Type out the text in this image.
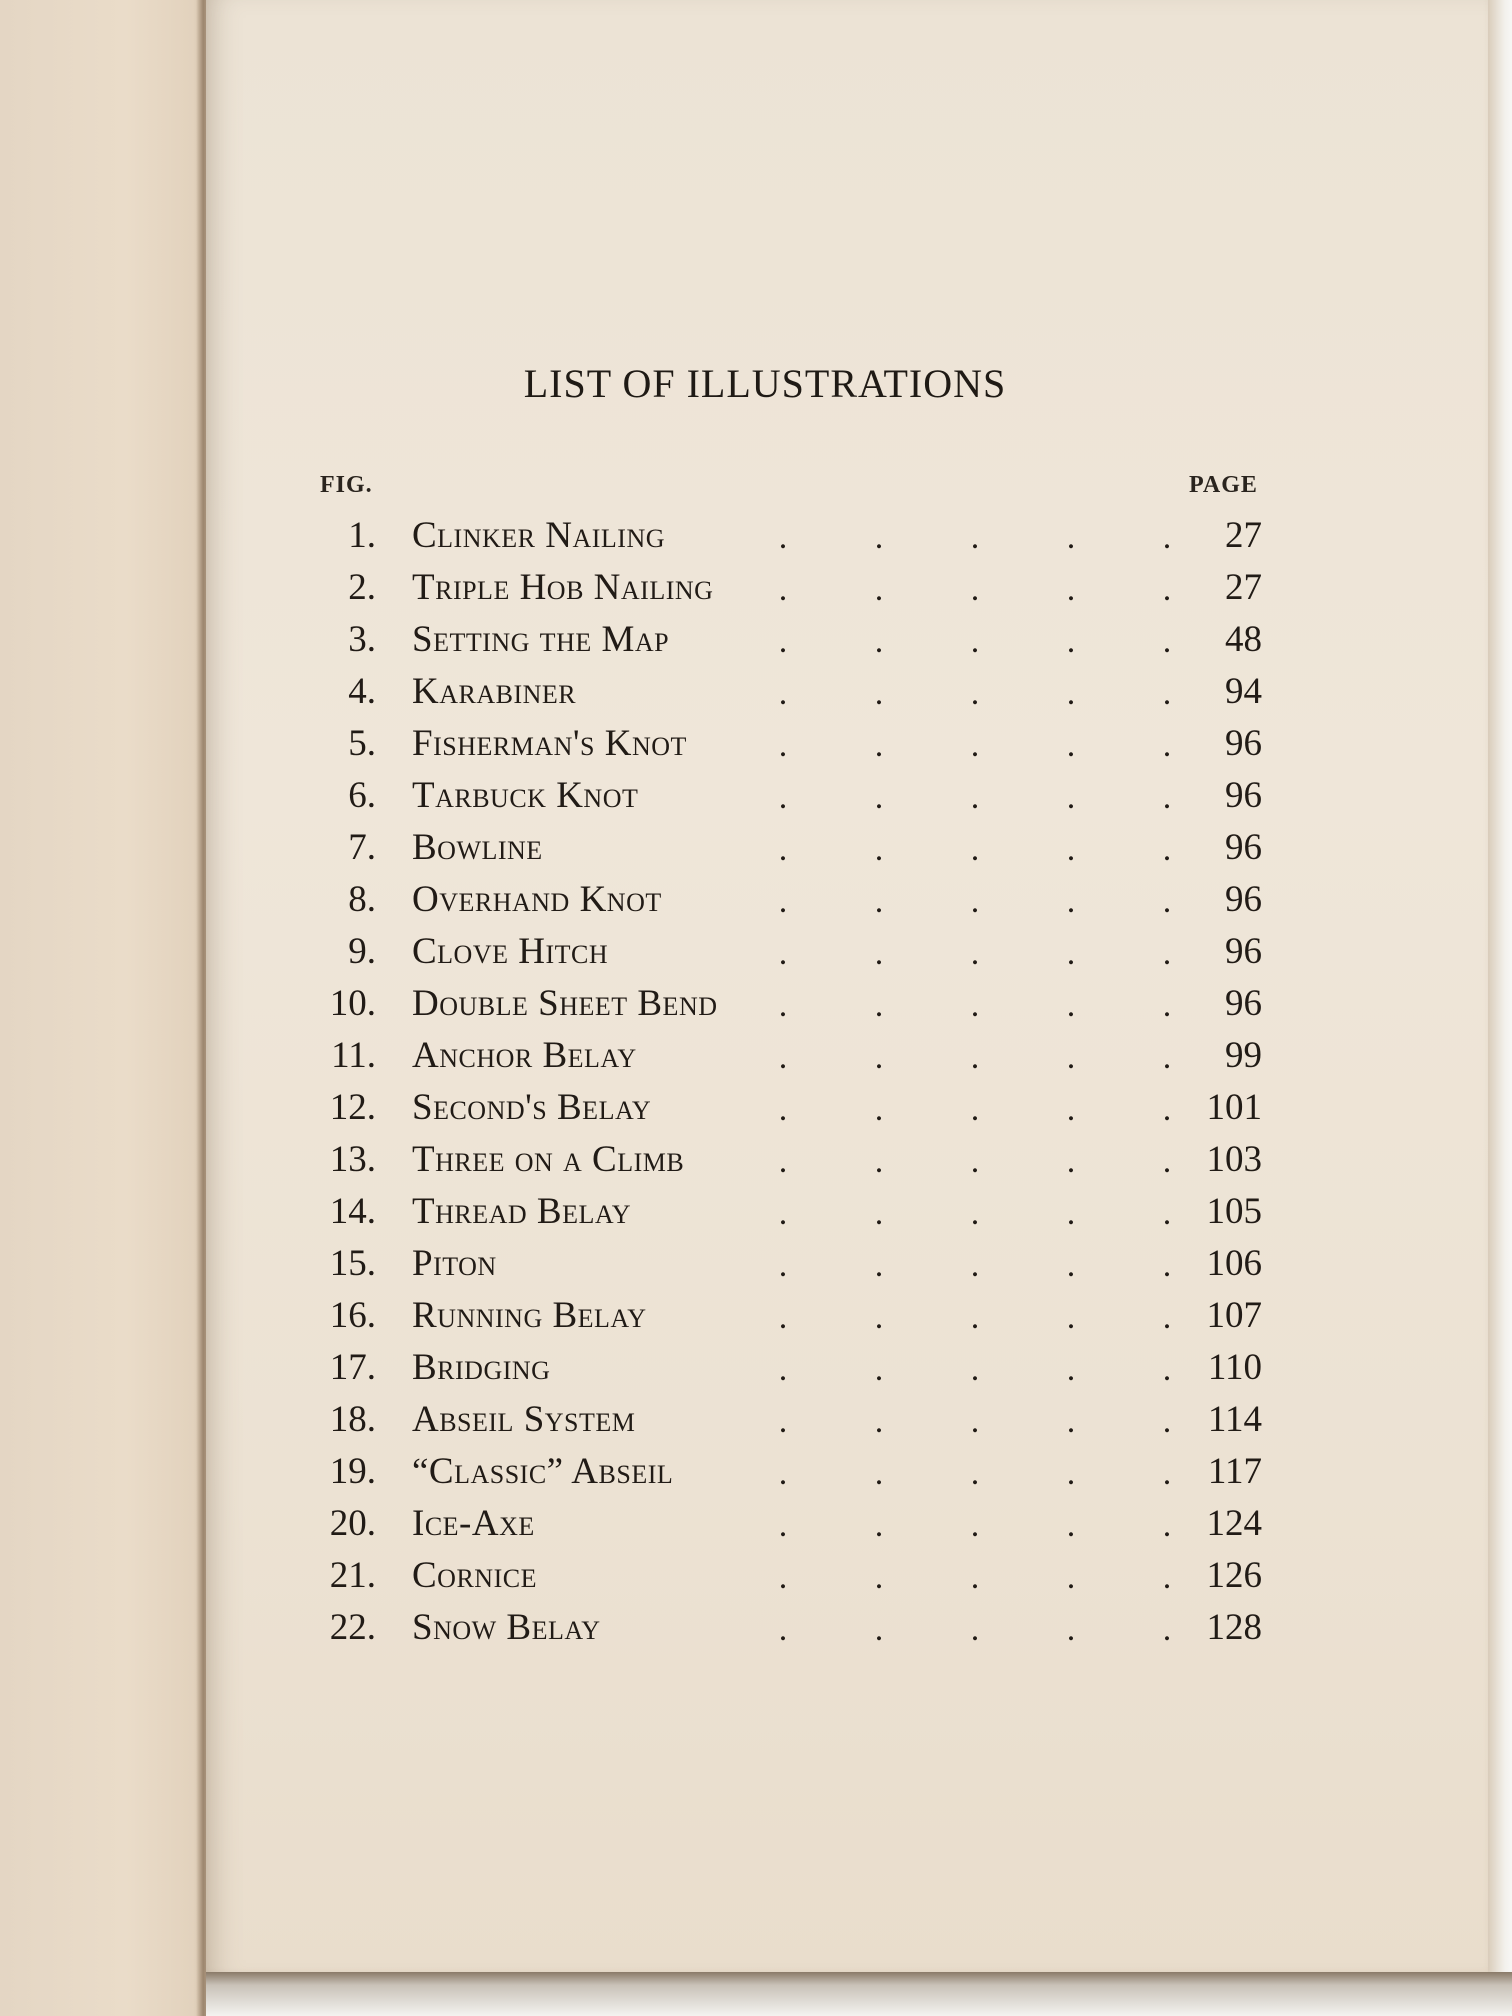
LIST OF ILLUSTRATIONS

FIG.	PAGE

1. Clinker Nailing	.	.	.	.	.	27
2. Triple Hob Nailing	.	.	.	.	.	27
3. Setting the Map	.	.	.	.	.	48
4. Karabiner	.	.	.	.	.	94
5. Fisherman's Knot	.	.	.	.	.	96
6. Tarbuck Knot	.	.	.	.	.	96
7. Bowline	.	.	.	.	.	96
8. Overhand Knot	.	.	.	.	.	96
9. Clove Hitch	.	.	.	.	.	96
10. Double Sheet Bend	.	.	.	.	.	96
11. Anchor Belay	.	.	.	.	.	99
12. Second's Belay	.	.	.	.	. 101
13. Three on a Climb	.	.	.	.	. 103
14. Thread Belay	.	.	.	.	. 105
15. Piton	.	.	.	.	. 106
16. Running Belay	.	.	.	.	. 107
17. Bridging	.	.	.	.	. 110
18. Abseil System	.	.	.	.	. 114
19. “Classic” Abseil	.	.	.	.	. 117
20. Ice-Axe	.	.	.	.	. 124
21. Cornice	.	.	.	.	. 126
22. Snow Belay	.	.	.	.	. 128
